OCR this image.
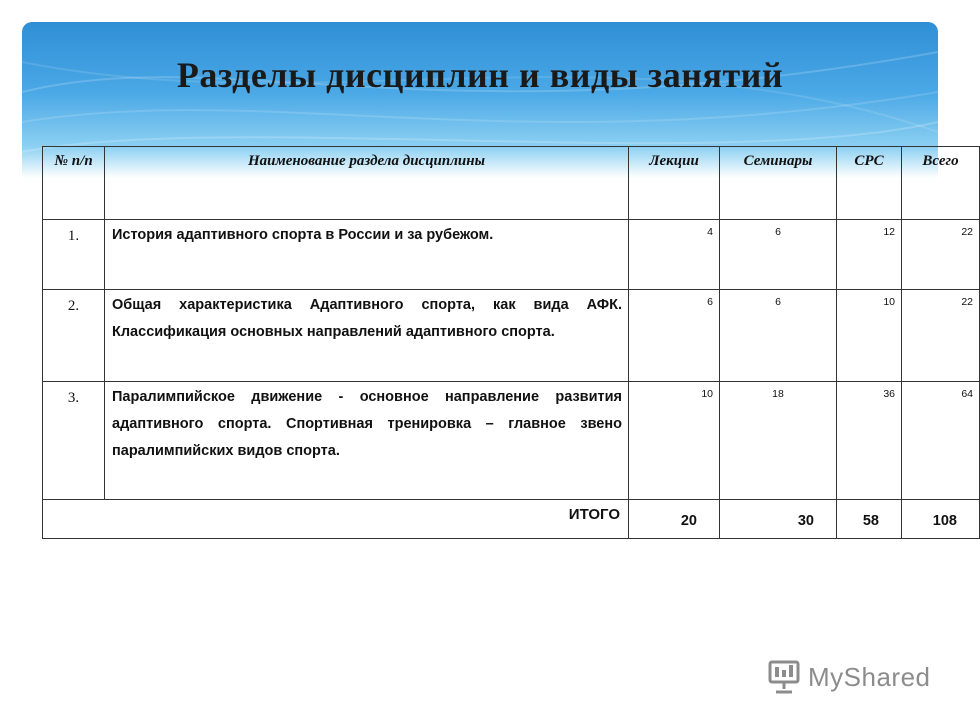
Разделы дисциплин и виды занятий
№ п/п	Наименование раздела дисциплины	Лекции	Семинары	СРС	Всего
1.	История адаптивного спорта в России и за рубежом.	4	6	12	22
2.	Общая характеристика Адаптивного спорта, как вида АФК. Классификация основных направлений адаптивного спорта.	6	6	10	22
3.	Паралимпийское движение - основное направление развития адаптивного спорта. Спортивная тренировка – главное звено паралимпийских видов спорта.	10	18	36	64
ИТОГО		20	30	58	108
MyShared
